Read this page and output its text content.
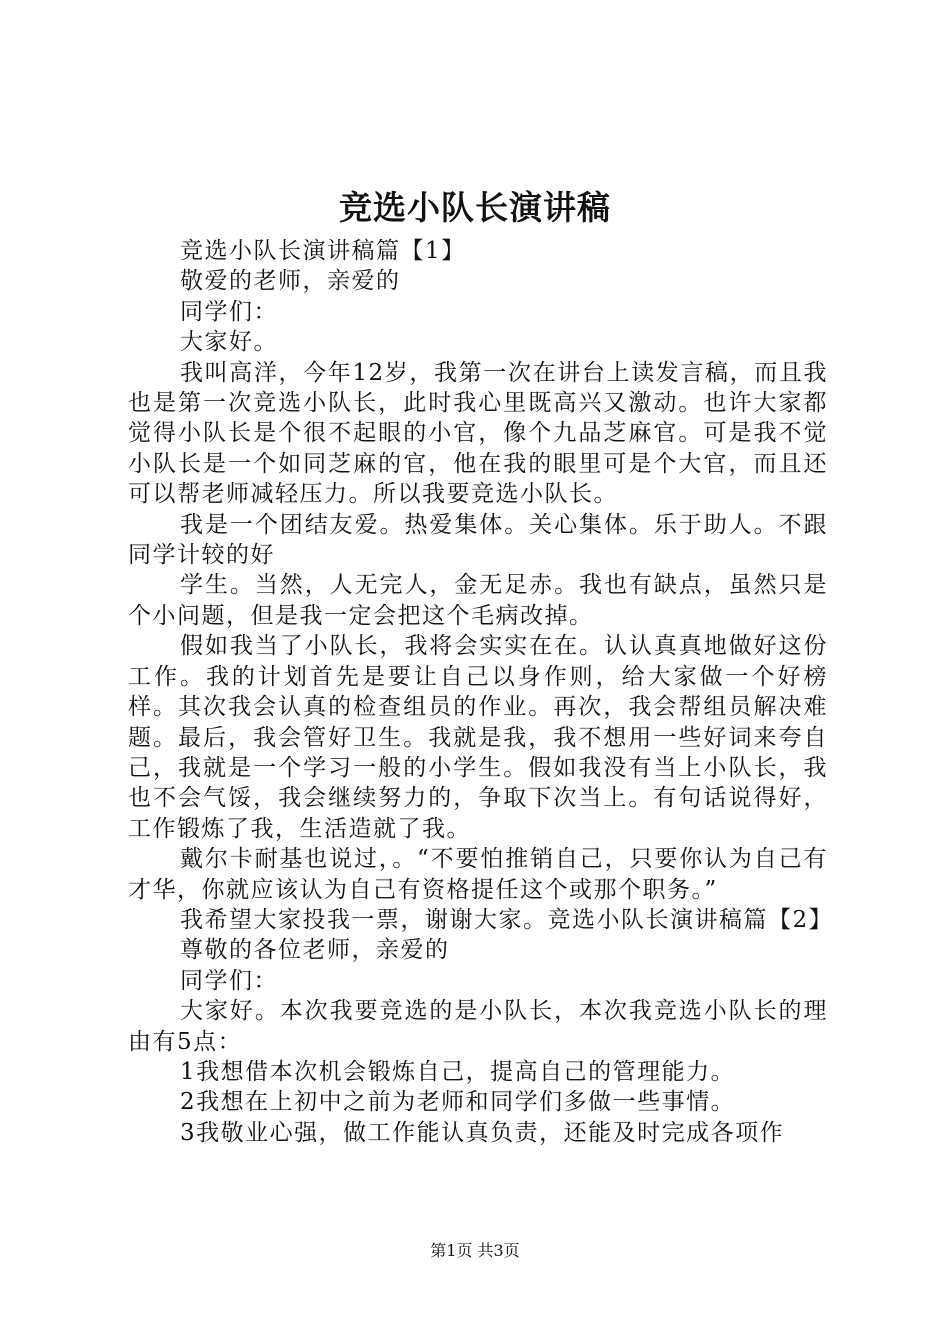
竞选小队长演讲稿

竞选小队长演讲稿篇【1】

敬爱的老师，亲爱的

同学们：

大家好。

我叫高洋，今年12岁，我第一次在讲台上读发言稿，而且我也是第一次竞选小队长，此时我心里既高兴又激动。也许大家都觉得小队长是个很不起眼的小官，像个九品芝麻官。可是我不觉小队长是一个如同芝麻的官，他在我的眼里可是个大官，而且还可以帮老师减轻压力。所以我要竞选小队长。

我是一个团结友爱。热爱集体。关心集体。乐于助人。不跟同学计较的好

学生。当然，人无完人，金无足赤。我也有缺点，虽然只是个小问题，但是我一定会把这个毛病改掉。

假如我当了小队长，我将会实实在在。认认真真地做好这份工作。我的计划首先是要让自己以身作则，给大家做一个好榜样。其次我会认真的检查组员的作业。再次，我会帮组员解决难题。最后，我会管好卫生。我就是我，我不想用一些好词来夸自己，我就是一个学习一般的小学生。假如我没有当上小队长，我也不会气馁，我会继续努力的，争取下次当上。有句话说得好，工作锻炼了我，生活造就了我。

戴尔卡耐基也说过，。“不要怕推销自己，只要你认为自己有才华，你就应该认为自己有资格提任这个或那个职务。”

我希望大家投我一票，谢谢大家。竞选小队长演讲稿篇【2】

尊敬的各位老师，亲爱的

同学们：

大家好。本次我要竞选的是小队长，本次我竞选小队长的理由有5点：

1我想借本次机会锻炼自己，提高自己的管理能力。

2我想在上初中之前为老师和同学们多做一些事情。

3我敬业心强，做工作能认真负责，还能及时完成各项作

第1页 共3页
